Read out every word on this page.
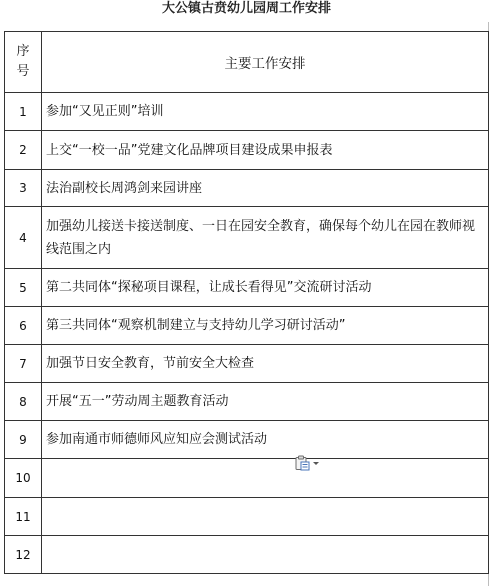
大公镇古贲幼儿园周工作安排
序号	主要工作安排
1	参加“又见正则”培训
2	上交“一校一品”党建文化品牌项目建设成果申报表
3	法治副校长周鸿剑来园讲座
4	加强幼儿接送卡接送制度、一日在园安全教育，确保每个幼儿在园在教师视线范围之内

5	第二共同体“探秘项目课程，让成长看得见”交流研讨活动
6	第三共同体“观察机制建立与支持幼儿学习研讨活动”
7	加强节日安全教育，节前安全大检查
8	开展“五一”劳动周主题教育活动
9	参加南通市师德师风应知应会测试活动
10	
11	
12	
